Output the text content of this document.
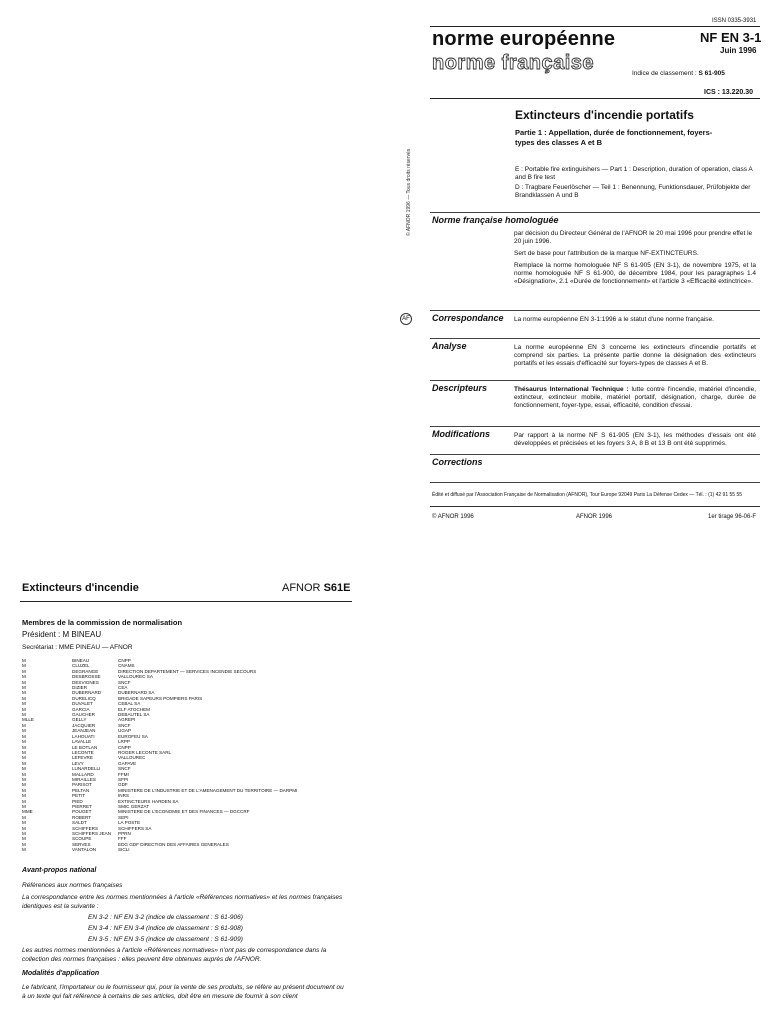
ISSN 0335-3931
norme européenne
norme française
NF EN 3-1
Juin 1996
Indice de classement : S 61-905
ICS : 13.220.30
Extincteurs d'incendie portatifs
Partie 1 : Appellation, durée de fonctionnement, foyers-types des classes A et B
E : Portable fire extinguishers — Part 1 : Description, duration of operation, class A and B fire test
D : Tragbare Feuerlöscher — Teil 1 : Benennung, Funktionsdauer, Prüfobjekte der Brandklassen A und B
© AFNOR 1996 — Tous droits réservés
AF
Norme française homologuée

par décision du Directeur Général de l'AFNOR le 20 mai 1996 pour prendre effet le 20 juin 1996.

Sert de base pour l'attribution de la marque NF-EXTINCTEURS.

Remplace la norme homologuée NF S 61-905 (EN 3-1), de novembre 1975, et la norme homologuée NF S 61-900, de décembre 1984, pour les paragraphes 1.4 «Désignation», 2.1 «Durée de fonctionnement» et l'article 3 «Efficacité extinctrice».

Correspondance La norme européenne EN 3-1:1996 a le statut d'une norme française.

Analyse	La norme européenne EN 3 concerne les extincteurs d'incendie portatifs et comprend six parties. La présente partie donne la désignation des extincteurs portatifs et les essais d'efficacité sur foyers-types de classes A et B.

Descripteurs	Thésaurus International Technique : lutte contre l'incendie, matériel d'incendie, extincteur, extincteur mobile, matériel portatif, désignation, charge, durée de fonctionnement, foyer-type, essai, efficacité, condition d'essai.

Modifications	Par rapport à la norme NF S 61-905 (EN 3-1), les méthodes d'essais ont été développées et précisées et les foyers 3 A, 8 B et 13 B ont été supprimés.

Corrections
Édité et diffusé par l'Association Française de Normalisation (AFNOR), Tour Europe 92049 Paris La Défense Cedex — Tél. : (1) 42 91 55 55
© AFNOR 1996	AFNOR 1996	1er tirage 96-06-F
Extincteurs d'incendie	AFNOR S61E
Membres de la commission de normalisation
Président : M BINEAU
Secrétariat : MME PINEAU — AFNOR
M	BINEAU	CNPP
M	CLUZEL	CNAMS
M	DEGRANGE	DIRECTION DEPARTEMENT — SERVICES INCENDIE SECOURS
M	DESBROSSE	VALLOUREC SA
M	DESVIGNES	SNCF
M	DIZIER	CEA
M	DUBERNARD	DUBERNARD SA
M	DURELICQ	BRIGADE SAPEURS POMPIERS PARIS
M	DUVALET	CEBAL SA
M	GARCIA	ELF ATOCHEM
M	GAUCHER	DEBAUTEL SA
MLLE	GELLY	AGREPI
M	JACQUIER	SNCF
M	JEANJEAN	UGAP
M	LAHOUATI	EUROFEU SA
M	LAVALLE	LRPP
M	LE BOTLAN	CNPP
M	LECONTE	ROGER LECONTE SARL
M	LEFEVRE	VALLOUREC
M	LEVY	GAPAVE
M	LUNARDELLI	SNCF
M	MALLARD	FFMI
M	MIRAILLES	SFPI
M	PARISOT	GDF
M	PELTAN	MINISTERE DE L'INDUSTRIE ET DE L'AMENAGEMENT DU TERRITOIRE — DARPMI
M	PETIT	INRS
M	PIED	EXTINCTEURS HARDEN SA
M	PIERRET	SMIC GERZAT
MME	POUGET	MINISTERE DE L'ECONOMIE ET DES FINANCES — DGCCRF
M	ROBERT	SEPI
M	SALDT	LA POSTE
M	SCHIFFERS	SCHIFFERS SA
M	SCHIFFERS JEAN	PPRN
M	SCOUPE	FFF
M	SERVES	EDG GDF DIRECTION DES AFFAIRES GENERALES
M	VANTALON	SICLI
Avant-propos national
Références aux normes françaises
La correspondance entre les normes mentionnées à l'article «Références normatives» et les normes françaises identiques est la suivante :
EN 3-2 : NF EN 3-2 (indice de classement : S 61-906)
EN 3-4 : NF EN 3-4 (indice de classement : S 61-908)
EN 3-5 : NF EN 3-5 (indice de classement : S 61-909)
Les autres normes mentionnées à l'article «Références normatives» n'ont pas de correspondance dans la collection des normes françaises : elles peuvent être obtenues auprès de l'AFNOR.
Modalités d'application
Le fabricant, l'importateur ou le fournisseur qui, pour la vente de ses produits, se réfère au présent document ou à un texte qui fait référence à certains de ses articles, doit être en mesure de fournir à son client
